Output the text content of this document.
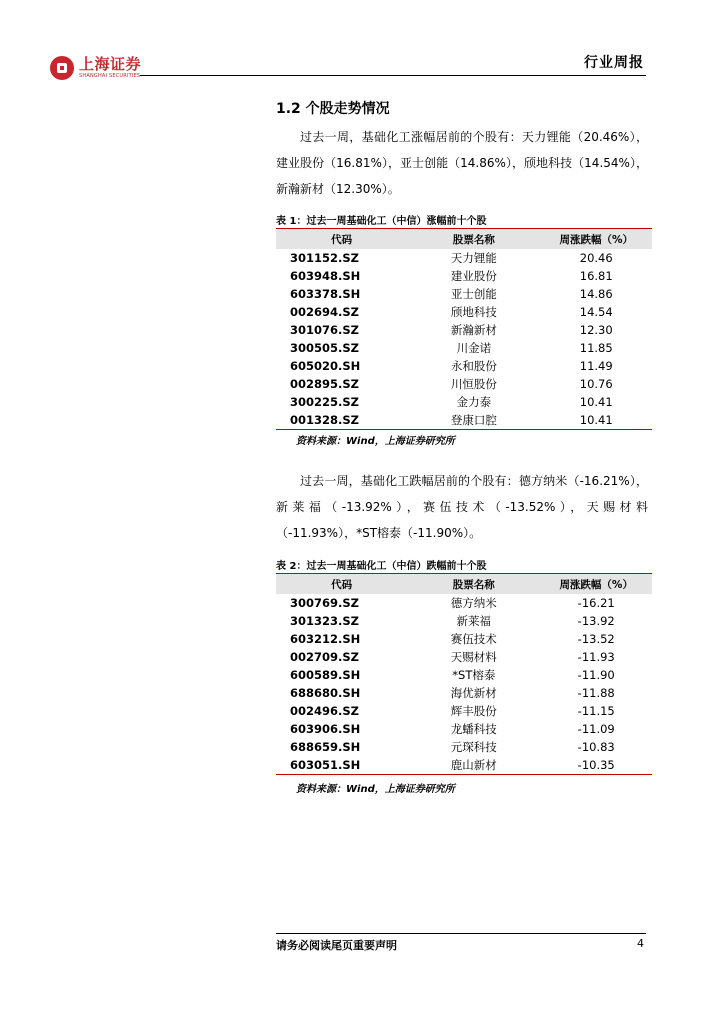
上海证券
SHANGHAI SECURITIES
行业周报
1.2 个股走势情况
过去一周，基础化工涨幅居前的个股有：天力锂能（20.46%），建业股份（16.81%），亚士创能（14.86%），颀地科技（14.54%），新瀚新材（12.30%）。
表 1：过去一周基础化工（中信）涨幅前十个股
代码	股票名称	周涨跌幅（%）
301152.SZ	天力锂能	20.46
603948.SH	建业股份	16.81
603378.SH	亚士创能	14.86
002694.SZ	颀地科技	14.54
301076.SZ	新瀚新材	12.30
300505.SZ	川金诺	11.85
605020.SH	永和股份	11.49
002895.SZ	川恒股份	10.76
300225.SZ	金力泰	10.41
001328.SZ	登康口腔	10.41
资料来源：Wind，上海证券研究所
过去一周，基础化工跌幅居前的个股有：德方纳米（-16.21%），新莱福（-13.92%），赛伍技术（-13.52%），天赐材料（-11.93%），*ST榕泰（-11.90%）。
表 2：过去一周基础化工（中信）跌幅前十个股
代码	股票名称	周涨跌幅（%）
300769.SZ	德方纳米	-16.21
301323.SZ	新莱福	-13.92
603212.SH	赛伍技术	-13.52
002709.SZ	天赐材料	-11.93
600589.SH	*ST榕泰	-11.90
688680.SH	海优新材	-11.88
002496.SZ	辉丰股份	-11.15
603906.SH	龙蟠科技	-11.09
688659.SH	元琛科技	-10.83
603051.SH	鹿山新材	-10.35
资料来源：Wind，上海证券研究所
请务必阅读尾页重要声明	4
